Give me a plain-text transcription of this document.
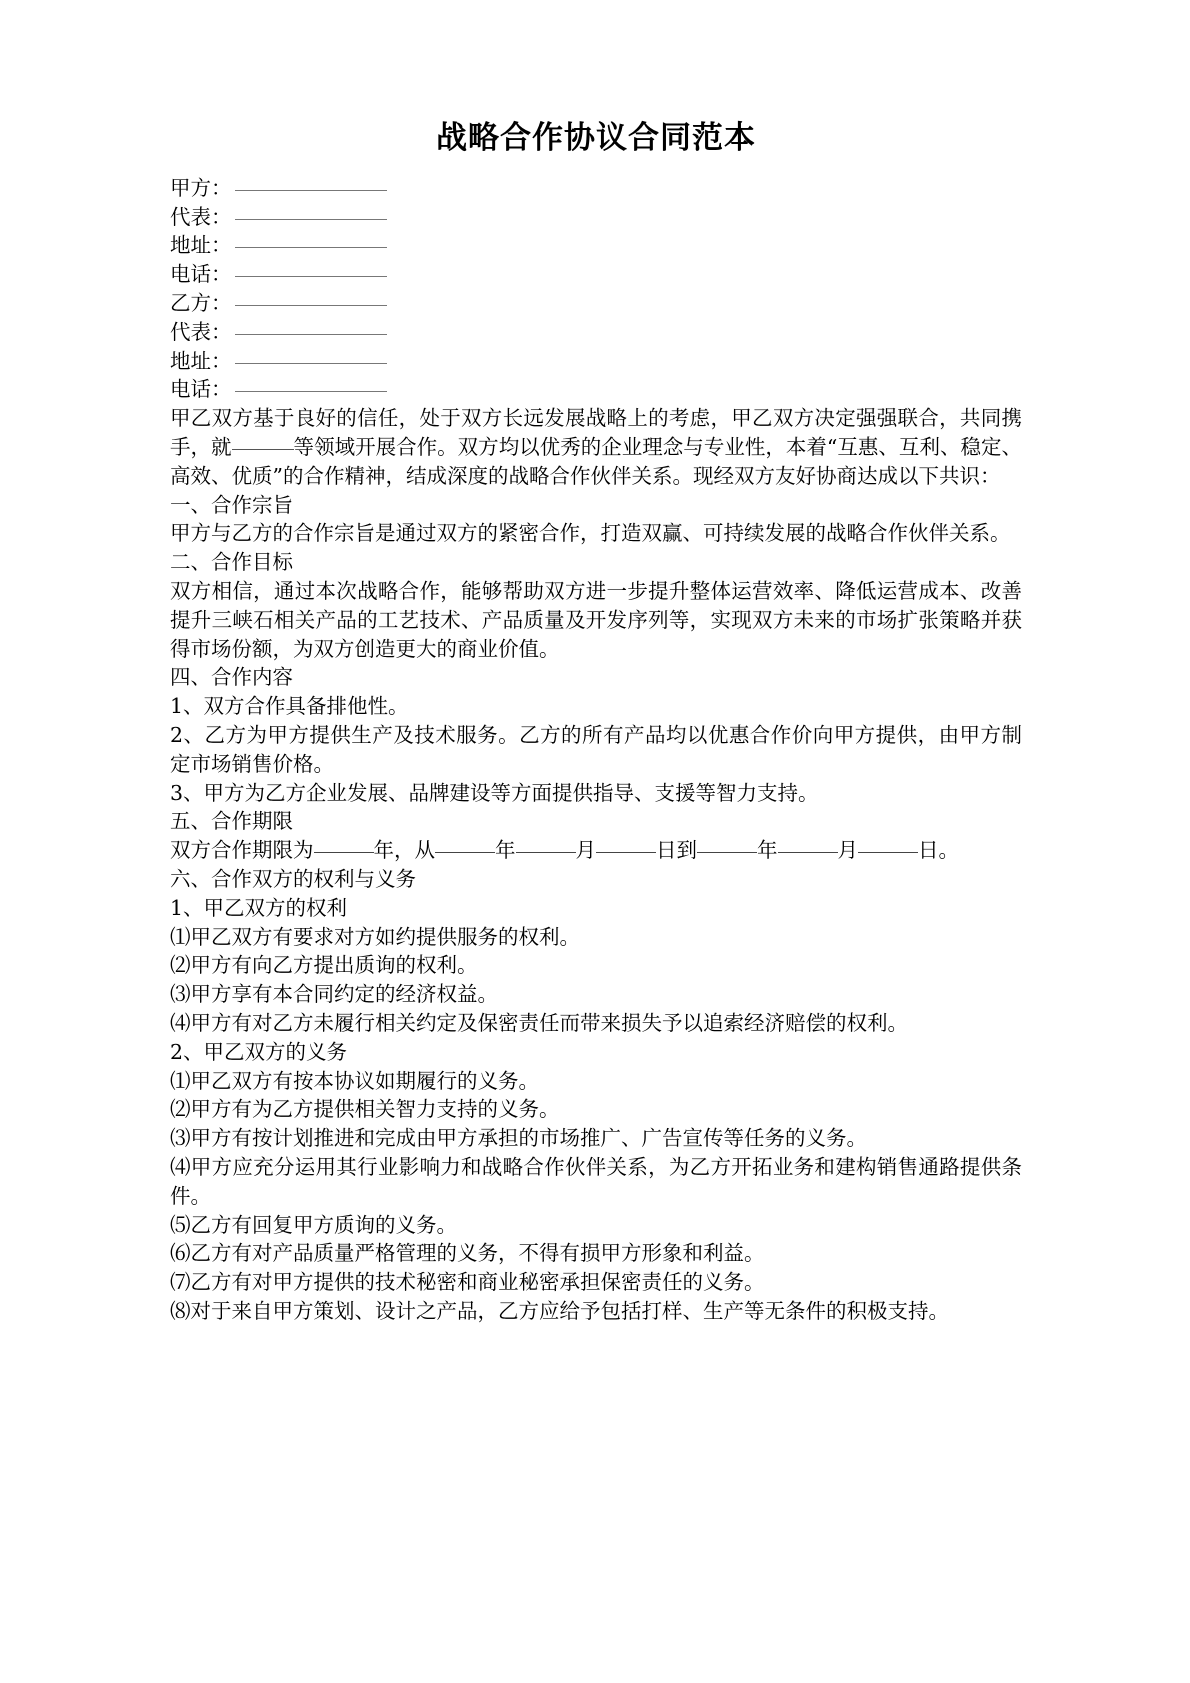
战略合作协议合同范本
甲方：
代表：
地址：
电话：
乙方：
代表：
地址：
电话：

甲乙双方基于良好的信任，处于双方长远发展战略上的考虑，甲乙双方决定强强联合，共同携手，就	等领域开展合作。双方均以优秀的企业理念与专业性，本着“互惠、互利、稳定、高效、优质”的合作精神，结成深度的战略合作伙伴关系。现经双方友好协商达成以下共识：

一、合作宗旨

甲方与乙方的合作宗旨是通过双方的紧密合作，打造双赢、可持续发展的战略合作伙伴关系。

二、合作目标

双方相信，通过本次战略合作，能够帮助双方进一步提升整体运营效率、降低运营成本、改善提升三峡石相关产品的工艺技术、产品质量及开发序列等，实现双方未来的市场扩张策略并获得市场份额，为双方创造更大的商业价值。

四、合作内容

1、双方合作具备排他性。

2、乙方为甲方提供生产及技术服务。乙方的所有产品均以优惠合作价向甲方提供，由甲方制定市场销售价格。

3、甲方为乙方企业发展、品牌建设等方面提供指导、支援等智力支持。

五、合作期限

双方合作期限为	年，从	年	月	日到	年	月	日。

六、合作双方的权利与义务

1、甲乙双方的权利

⑴甲乙双方有要求对方如约提供服务的权利。

⑵甲方有向乙方提出质询的权利。

⑶甲方享有本合同约定的经济权益。

⑷甲方有对乙方未履行相关约定及保密责任而带来损失予以追索经济赔偿的权利。

2、甲乙双方的义务

⑴甲乙双方有按本协议如期履行的义务。

⑵甲方有为乙方提供相关智力支持的义务。

⑶甲方有按计划推进和完成由甲方承担的市场推广、广告宣传等任务的义务。

⑷甲方应充分运用其行业影响力和战略合作伙伴关系，为乙方开拓业务和建构销售通路提供条件。

⑸乙方有回复甲方质询的义务。

⑹乙方有对产品质量严格管理的义务，不得有损甲方形象和利益。

⑺乙方有对甲方提供的技术秘密和商业秘密承担保密责任的义务。

⑻对于来自甲方策划、设计之产品，乙方应给予包括打样、生产等无条件的积极支持。
